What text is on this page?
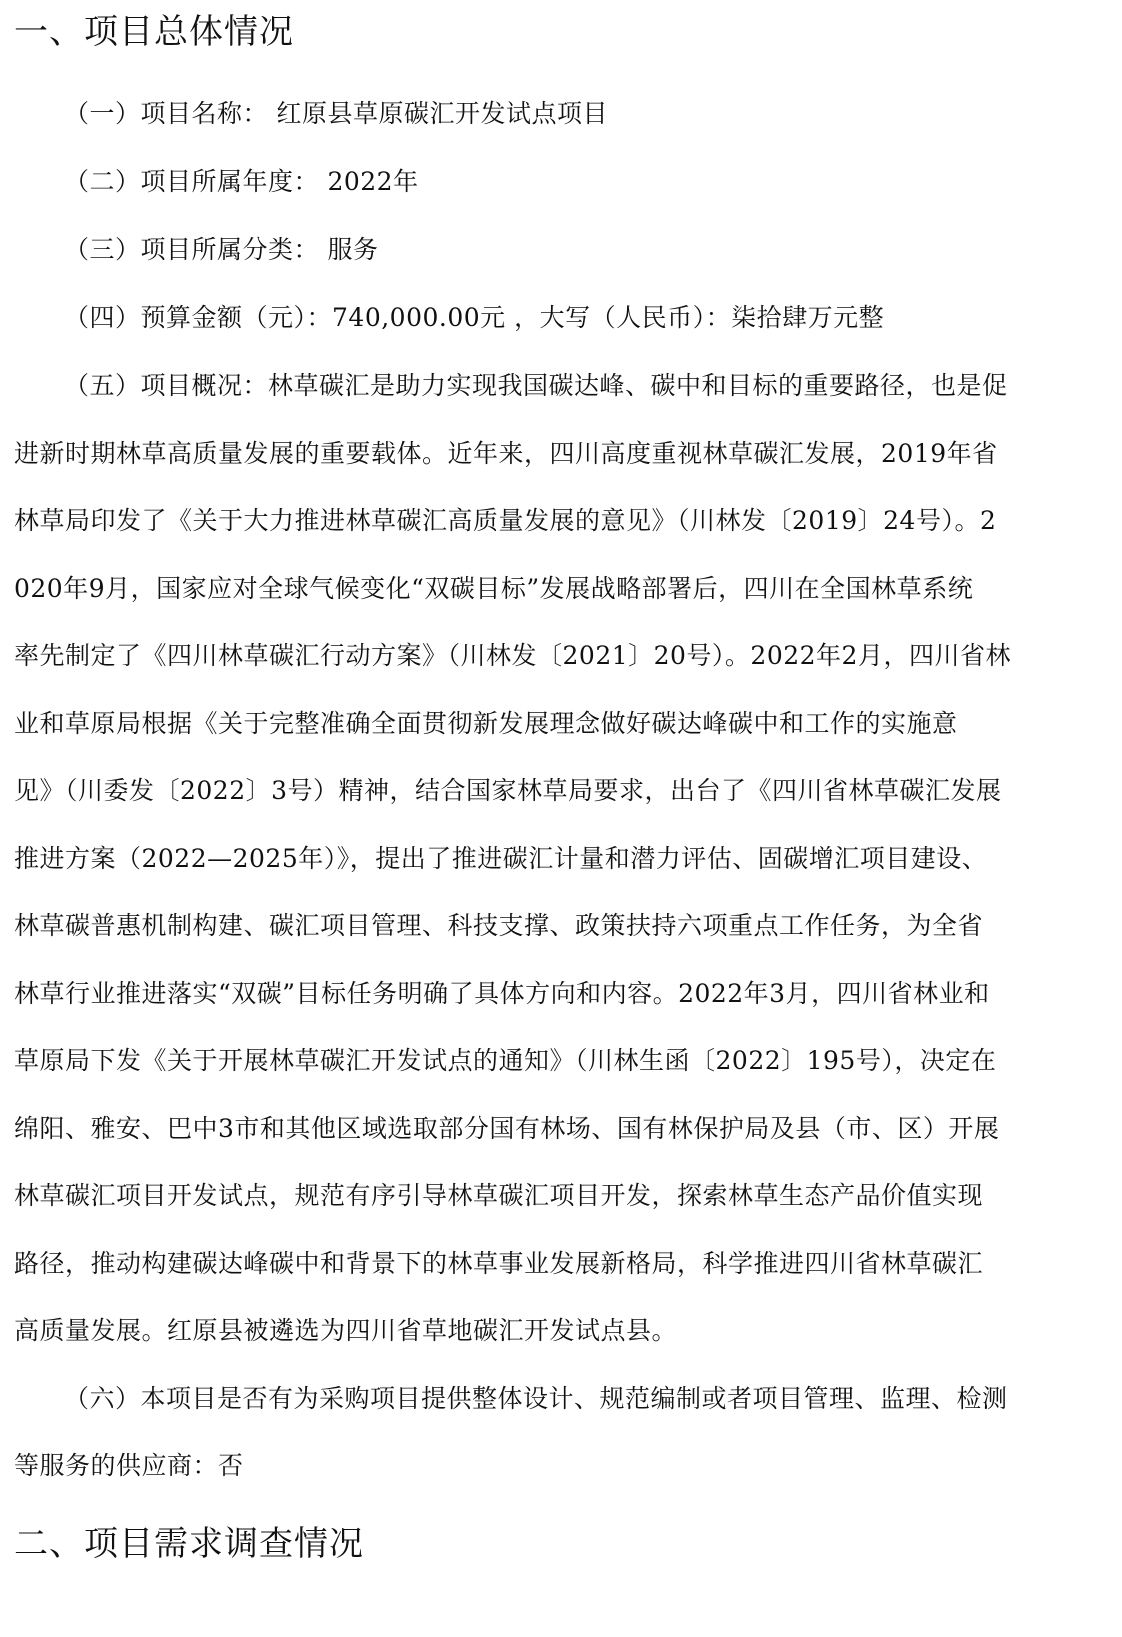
一、项目总体情况

（一）项目名称： 红原县草原碳汇开发试点项目

（二）项目所属年度： 2022年

（三）项目所属分类： 服务

（四）预算金额（元）：740,000.00元 ，大写（人民币）：柒拾肆万元整

（五）项目概况：林草碳汇是助力实现我国碳达峰、碳中和目标的重要路径，也是促
进新时期林草高质量发展的重要载体。近年来，四川高度重视林草碳汇发展，2019年省
林草局印发了《关于大力推进林草碳汇高质量发展的意见》（川林发〔2019〕24号）。2
020年9月，国家应对全球气候变化“双碳目标”发展战略部署后，四川在全国林草系统
率先制定了《四川林草碳汇行动方案》（川林发〔2021〕20号）。2022年2月，四川省林
业和草原局根据《关于完整准确全面贯彻新发展理念做好碳达峰碳中和工作的实施意
见》（川委发〔2022〕3号）精神，结合国家林草局要求，出台了《四川省林草碳汇发展
推进方案（2022—2025年）》，提出了推进碳汇计量和潜力评估、固碳增汇项目建设、
林草碳普惠机制构建、碳汇项目管理、科技支撑、政策扶持六项重点工作任务，为全省
林草行业推进落实“双碳”目标任务明确了具体方向和内容。2022年3月，四川省林业和
草原局下发《关于开展林草碳汇开发试点的通知》（川林生函〔2022〕195号），决定在
绵阳、雅安、巴中3市和其他区域选取部分国有林场、国有林保护局及县（市、区）开展
林草碳汇项目开发试点，规范有序引导林草碳汇项目开发，探索林草生态产品价值实现
路径，推动构建碳达峰碳中和背景下的林草事业发展新格局，科学推进四川省林草碳汇
高质量发展。红原县被遴选为四川省草地碳汇开发试点县。
（六）本项目是否有为采购项目提供整体设计、规范编制或者项目管理、监理、检测
等服务的供应商：否
二、项目需求调查情况
